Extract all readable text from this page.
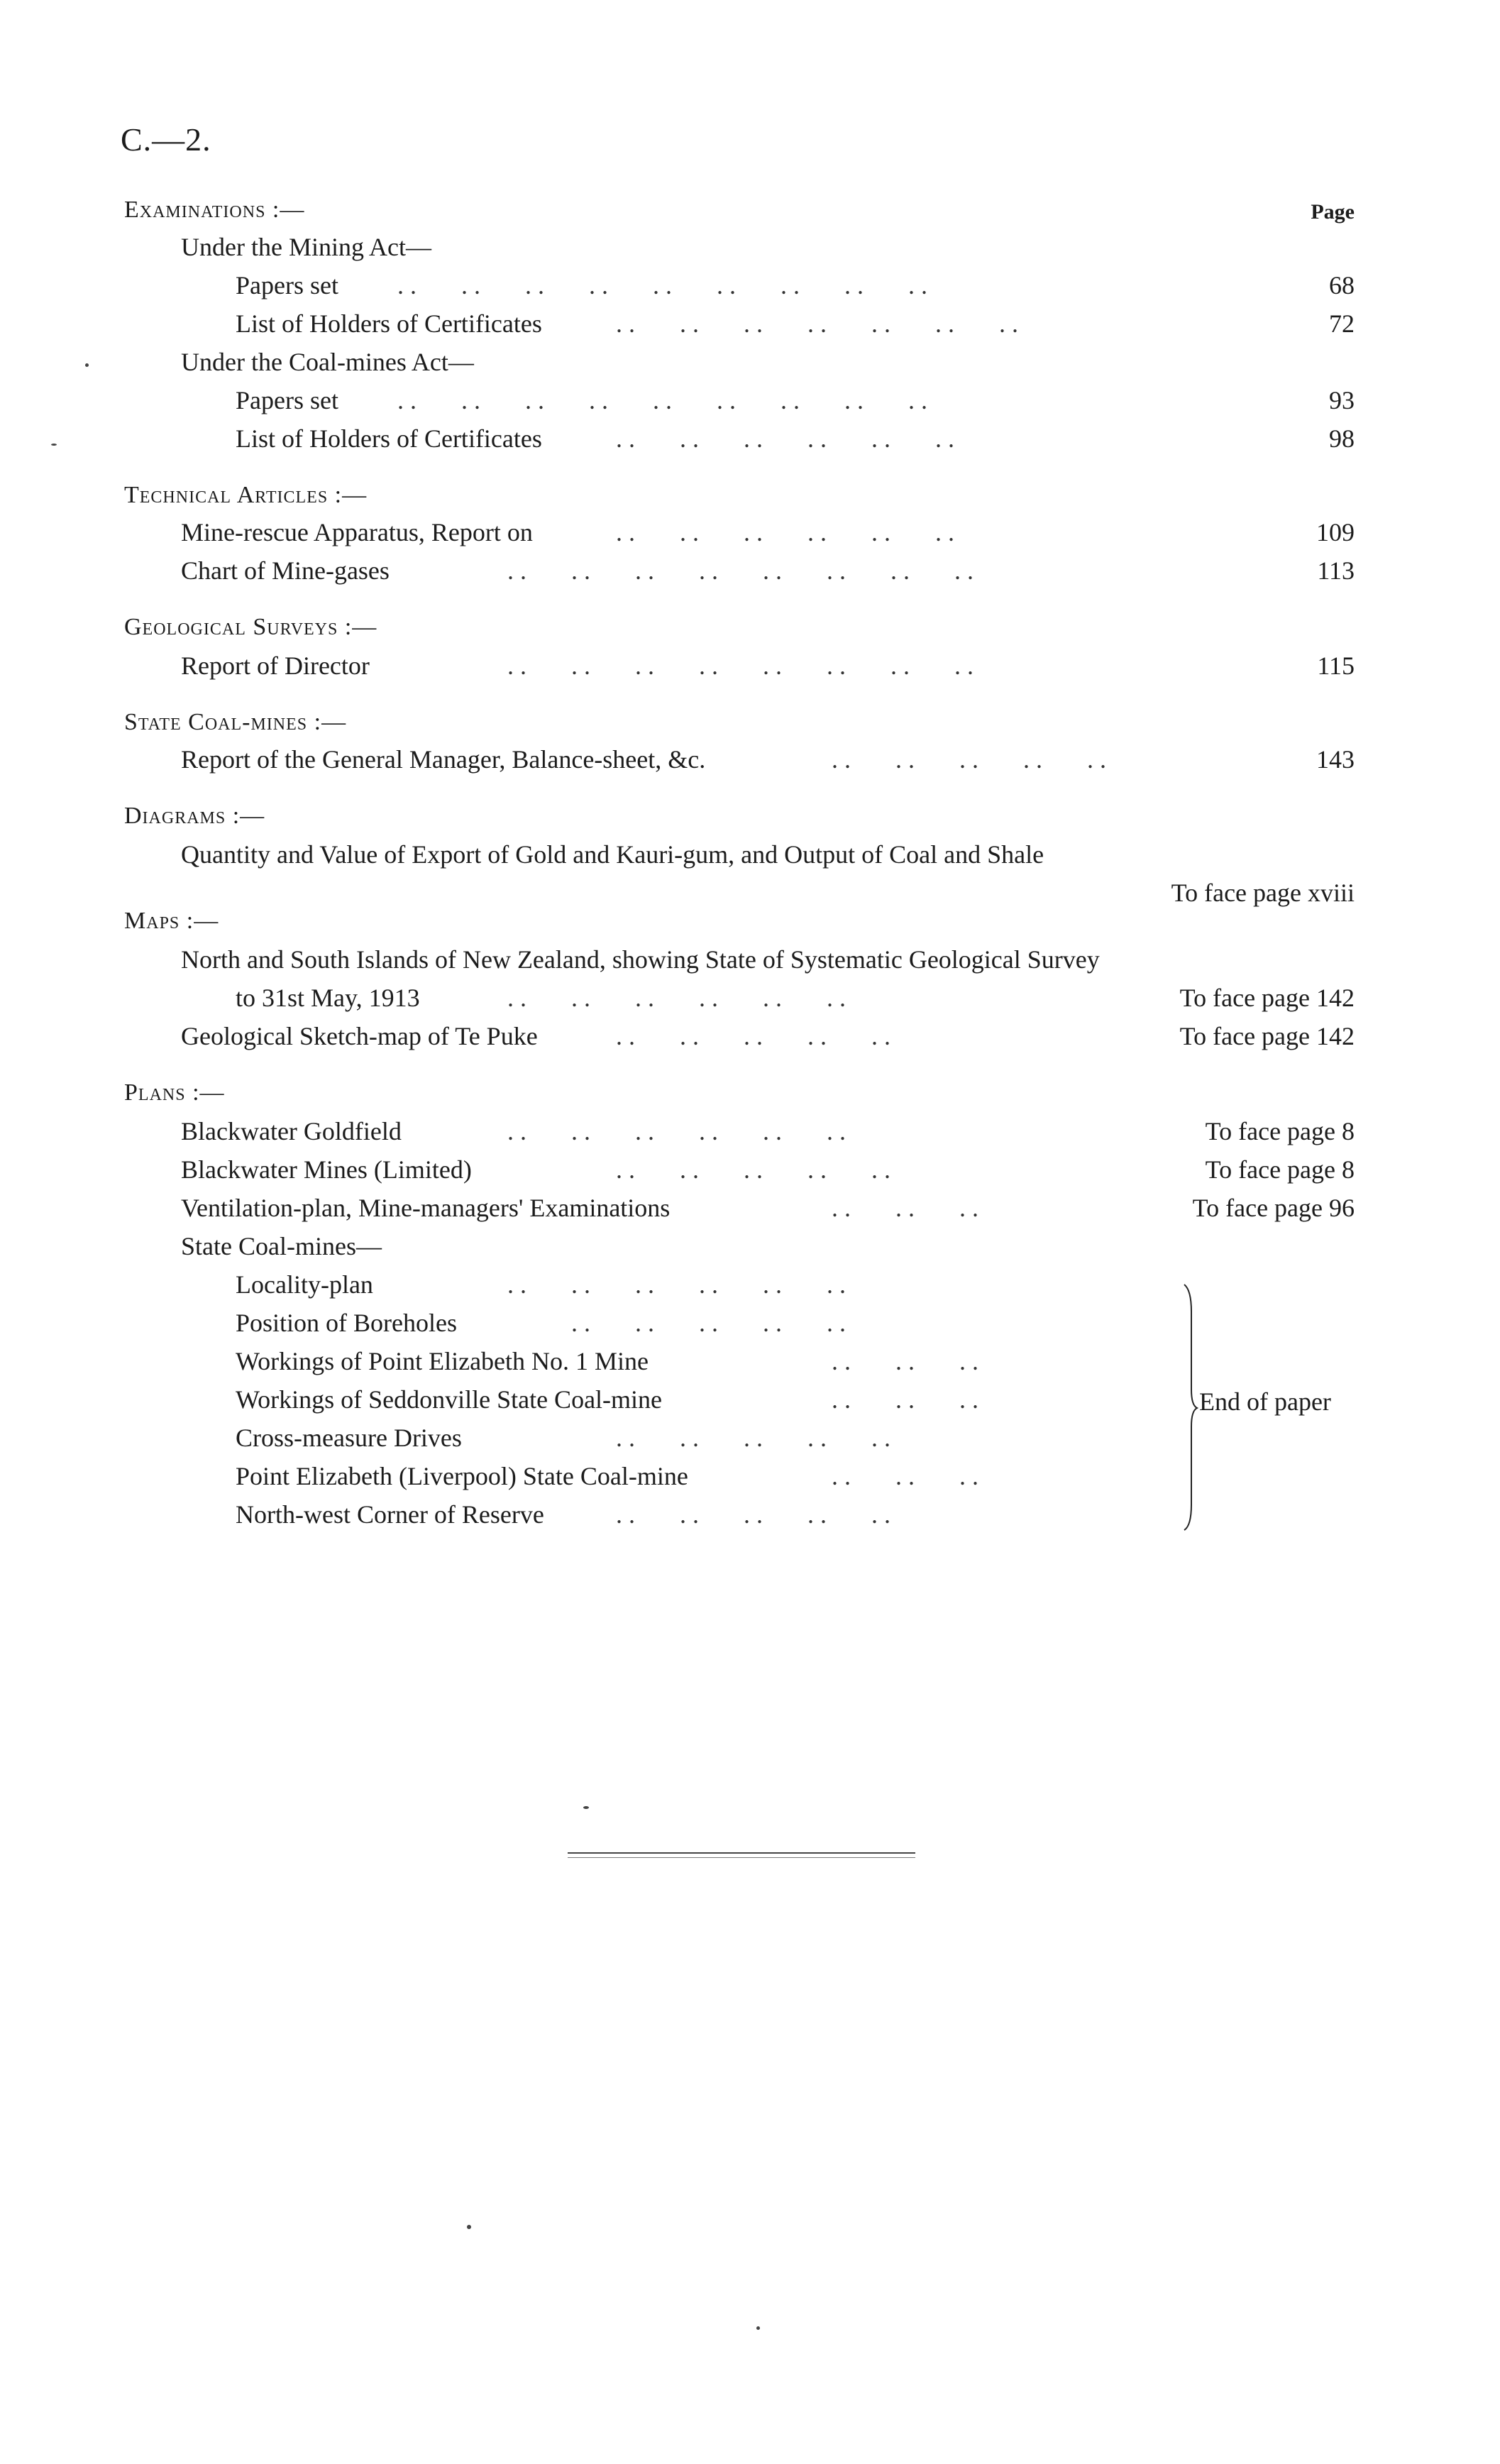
C.—2.
Page
Examinations :—
Under the Mining Act—
Papers set . .       . .       . .       . .       . .       . .       . .       . .       . .	68
List of Holders of Certificates	. .       . .       . .       . .       . .       . .       . .	72
Under the Coal-mines Act—
Papers set . .       . .       . .       . .       . .       . .       . .       . .       . .	93
List of Holders of Certificates	. .       . .       . .       . .       . .       . .	98
Technical Articles :—
Mine-rescue Apparatus, Report on	. .       . .       . .       . .       . .       . .	109
Chart of Mine-gases	. .       . .       . .       . .       . .       . .       . .       . .	113
Geological Surveys :—
Report of Director	. .       . .       . .       . .       . .       . .       . .       . .	115
State Coal-mines :—
Report of the General Manager, Balance-sheet, &c.	. .       . .       . .       . .       . .	143
Diagrams :—
Quantity and Value of Export of Gold and Kauri-gum, and Output of Coal and Shale
To face page xviii
Maps :—
North and South Islands of New Zealand, showing State of Systematic Geological Survey
to 31st May, 1913	. .       . .       . .       . .       . .       . .	To face page 142
Geological Sketch-map of Te Puke	. .       . .       . .       . .       . .	To face page 142
Plans :—
Blackwater Goldfield	. .       . .       . .       . .       . .       . .	To face page 8
Blackwater Mines (Limited)	. .       . .       . .       . .       . .	To face page 8
Ventilation-plan, Mine-managers' Examinations	. .       . .       . .	To face page 96
State Coal-mines—
Locality-plan	. .       . .       . .       . .       . .       . .
Position of Boreholes . .       . .       . .       . .       . .
Workings of Point Elizabeth No. 1 Mine	. .       . .       . .
Workings of Seddonville State Coal-mine	. .       . .       . .
Cross-measure Drives	. .       . .       . .       . .       . .
Point Elizabeth (Liverpool) State Coal-mine	. .       . .       . .
North-west Corner of Reserve	. .       . .       . .       . .       . .
End of paper
